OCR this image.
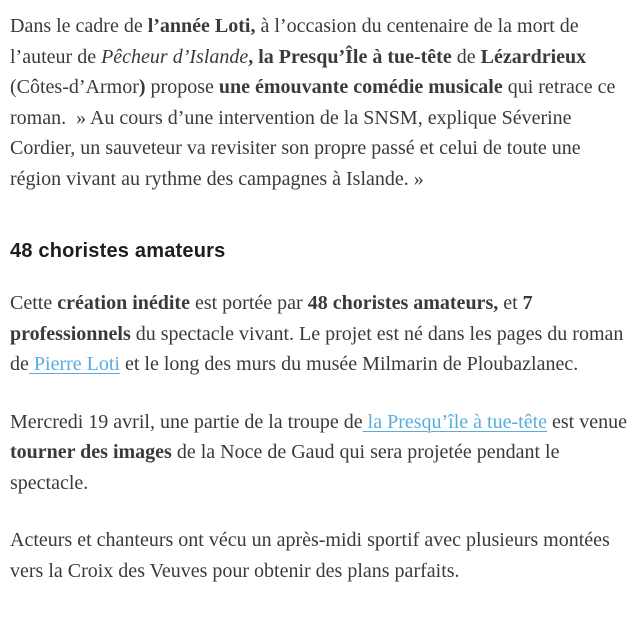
Dans le cadre de l’année Loti, à l’occasion du centenaire de la mort de l’auteur de Pêcheur d’Islande, la Presqu’Île à tue-tête de Lézardrieux (Côtes-d’Armor) propose une émouvante comédie musicale qui retrace ce roman.  » Au cours d’une intervention de la SNSM, explique Séverine Cordier, un sauveteur va revisiter son propre passé et celui de toute une région vivant au rythme des campagnes à Islande. »

48 choristes amateurs

Cette création inédite est portée par 48 choristes amateurs, et 7 professionnels du spectacle vivant. Le projet est né dans les pages du roman de Pierre Loti et le long des murs du musée Milmarin de Ploubazlanec.

Mercredi 19 avril, une partie de la troupe de la Presqu’île à tue-tête est venue tourner des images de la Noce de Gaud qui sera projetée pendant le spectacle.

Acteurs et chanteurs ont vécu un après-midi sportif avec plusieurs montées vers la Croix des Veuves pour obtenir des plans parfaits.
